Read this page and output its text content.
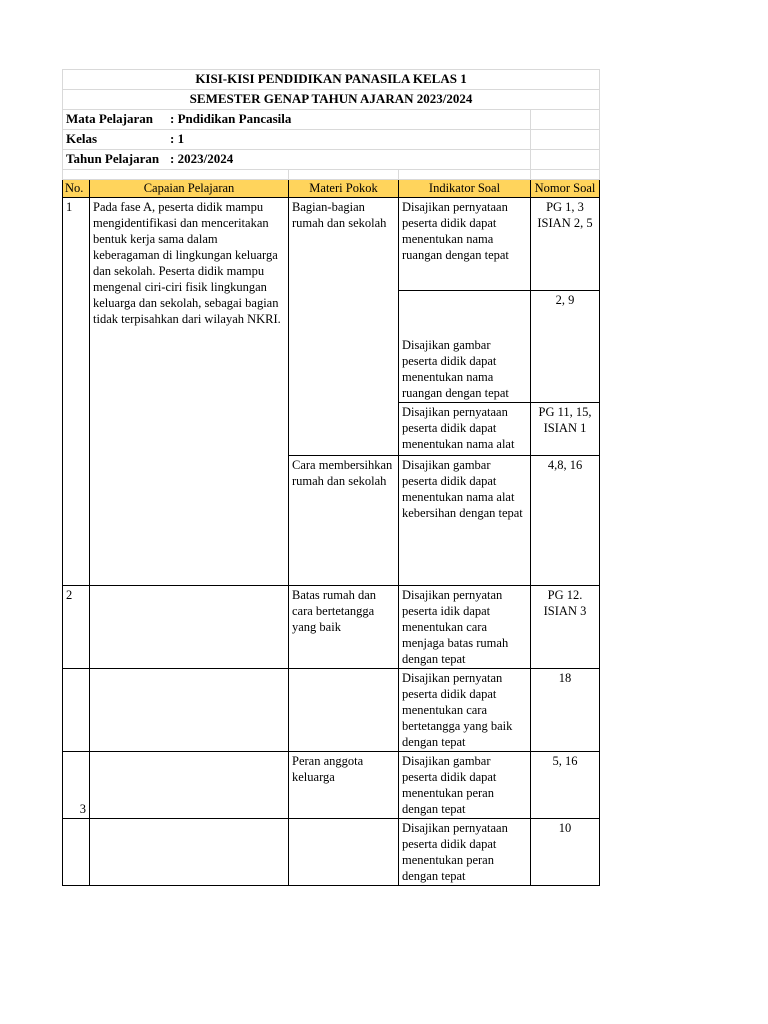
KISI-KISI PENDIDIKAN PANASILA KELAS 1				
SEMESTER GENAP TAHUN AJARAN 2023/2024				
Mata Pelajaran : Pndidikan Pancasila				
Kelas : 1				
Tahun Pelajaran : 2023/2024				

No.	Capaian Pelajaran	Materi Pokok	Indikator Soal	Nomor Soal
1	Pada fase A, peserta didik mampu mengidentifikasi dan menceritakan bentuk kerja sama dalam keberagaman di lingkungan keluarga dan sekolah. Peserta didik mampu mengenal ciri-ciri fisik lingkungan keluarga dan sekolah, sebagai bagian tidak terpisahkan dari wilayah NKRI.	Bagian-bagian rumah dan sekolah	Disajikan pernyataan peserta didik dapat menentukan nama ruangan dengan tepat	PG 1, 3 ISIAN 2, 5
			Disajikan gambar peserta didik dapat menentukan nama ruangan dengan tepat	2, 9

			Disajikan pernyataan peserta didik dapat menentukan nama alat	PG 11, 15, ISIAN 1
		Cara membersihkan rumah dan sekolah	Disajikan gambar peserta didik dapat menentukan nama alat kebersihan dengan tepat	4,8, 16
2		Batas rumah dan cara bertetangga yang baik	Disajikan pernyatan peserta idik dapat menentukan cara menjaga batas rumah dengan tepat	PG 12. ISIAN 3
			Disajikan pernyatan peserta didik dapat menentukan cara bertetangga yang baik dengan tepat	18
3		Peran anggota keluarga	Disajikan gambar peserta didik dapat menentukan peran dengan tepat	5, 16
			Disajikan pernyataan peserta didik dapat menentukan peran dengan tepat	10
